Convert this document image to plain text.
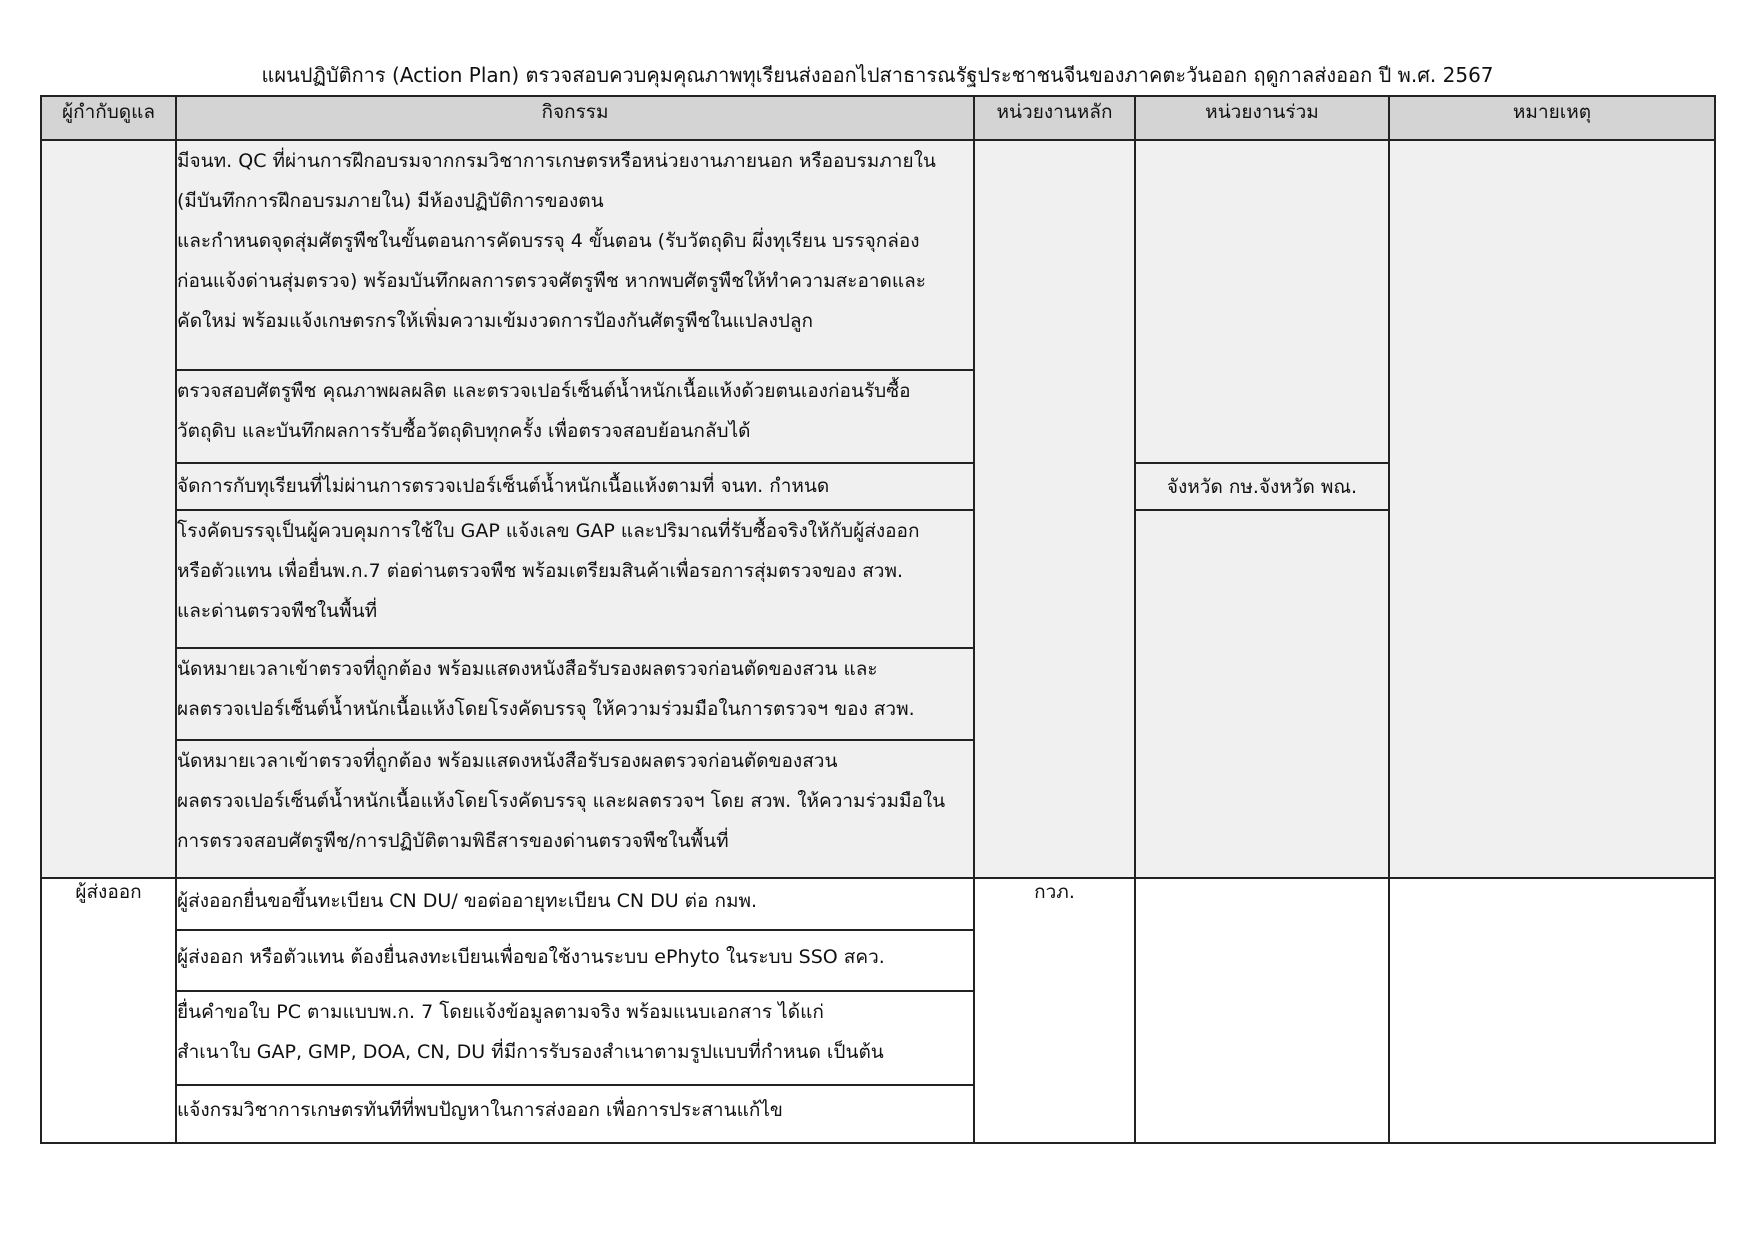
แผนปฏิบัติการ (Action Plan) ตรวจสอบควบคุมคุณภาพทุเรียนส่งออกไปสาธารณรัฐประชาชนจีนของภาคตะวันออก ฤดูกาลส่งออก ปี พ.ศ. 2567
ผู้กำกับดูแล	กิจกรรม	หน่วยงานหลัก	หน่วยงานร่วม	หมายเหตุ

	มีจนท. QC ที่ผ่านการฝึกอบรมจากกรมวิชาการเกษตรหรือหน่วยงานภายนอก หรืออบรมภายใน
(มีบันทึกการฝึกอบรมภายใน) มีห้องปฏิบัติการของตน
และกำหนดจุดสุ่มศัตรูพืชในขั้นตอนการคัดบรรจุ 4 ขั้นตอน (รับวัตถุดิบ ผึ่งทุเรียน บรรจุกล่อง
ก่อนแจ้งด่านสุ่มตรวจ) พร้อมบันทึกผลการตรวจศัตรูพืช หากพบศัตรูพืชให้ทำความสะอาดและ
คัดใหม่ พร้อมแจ้งเกษตรกรให้เพิ่มความเข้มงวดการป้องกันศัตรูพืชในแปลงปลูก			

	ตรวจสอบศัตรูพืช คุณภาพผลผลิต และตรวจเปอร์เซ็นต์น้ำหนักเนื้อแห้งด้วยตนเองก่อนรับซื้อ
วัตถุดิบ และบันทึกผลการรับซื้อวัตถุดิบทุกครั้ง เพื่อตรวจสอบย้อนกลับได้			

	จัดการกับทุเรียนที่ไม่ผ่านการตรวจเปอร์เซ็นต์น้ำหนักเนื้อแห้งตามที่ จนท. กำหนด		จังหวัด กษ.จังหวัด พณ.	

	โรงคัดบรรจุเป็นผู้ควบคุมการใช้ใบ GAP แจ้งเลข GAP และปริมาณที่รับซื้อจริงให้กับผู้ส่งออก
หรือตัวแทน เพื่อยื่นพ.ก.7 ต่อด่านตรวจพืช พร้อมเตรียมสินค้าเพื่อรอการสุ่มตรวจของ สวพ.
และด่านตรวจพืชในพื้นที่			

	นัดหมายเวลาเข้าตรวจที่ถูกต้อง พร้อมแสดงหนังสือรับรองผลตรวจก่อนตัดของสวน และ
ผลตรวจเปอร์เซ็นต์น้ำหนักเนื้อแห้งโดยโรงคัดบรรจุ ให้ความร่วมมือในการตรวจฯ ของ สวพ.			

	นัดหมายเวลาเข้าตรวจที่ถูกต้อง พร้อมแสดงหนังสือรับรองผลตรวจก่อนตัดของสวน
ผลตรวจเปอร์เซ็นต์น้ำหนักเนื้อแห้งโดยโรงคัดบรรจุ และผลตรวจฯ โดย สวพ. ให้ความร่วมมือใน
การตรวจสอบศัตรูพืช/การปฏิบัติตามพิธีสารของด่านตรวจพืชในพื้นที่			

ผู้ส่งออก	ผู้ส่งออกยื่นขอขึ้นทะเบียน CN DU/ ขอต่ออายุทะเบียน CN DU ต่อ กมพ.	กวภ.		

	ผู้ส่งออก หรือตัวแทน ต้องยื่นลงทะเบียนเพื่อขอใช้งานระบบ ePhyto ในระบบ SSO สคว.			

	ยื่นคำขอใบ PC ตามแบบพ.ก. 7 โดยแจ้งข้อมูลตามจริง พร้อมแนบเอกสาร ได้แก่
สำเนาใบ GAP, GMP, DOA, CN, DU ที่มีการรับรองสำเนาตามรูปแบบที่กำหนด เป็นต้น			

	แจ้งกรมวิชาการเกษตรทันทีที่พบปัญหาในการส่งออก เพื่อการประสานแก้ไข			
